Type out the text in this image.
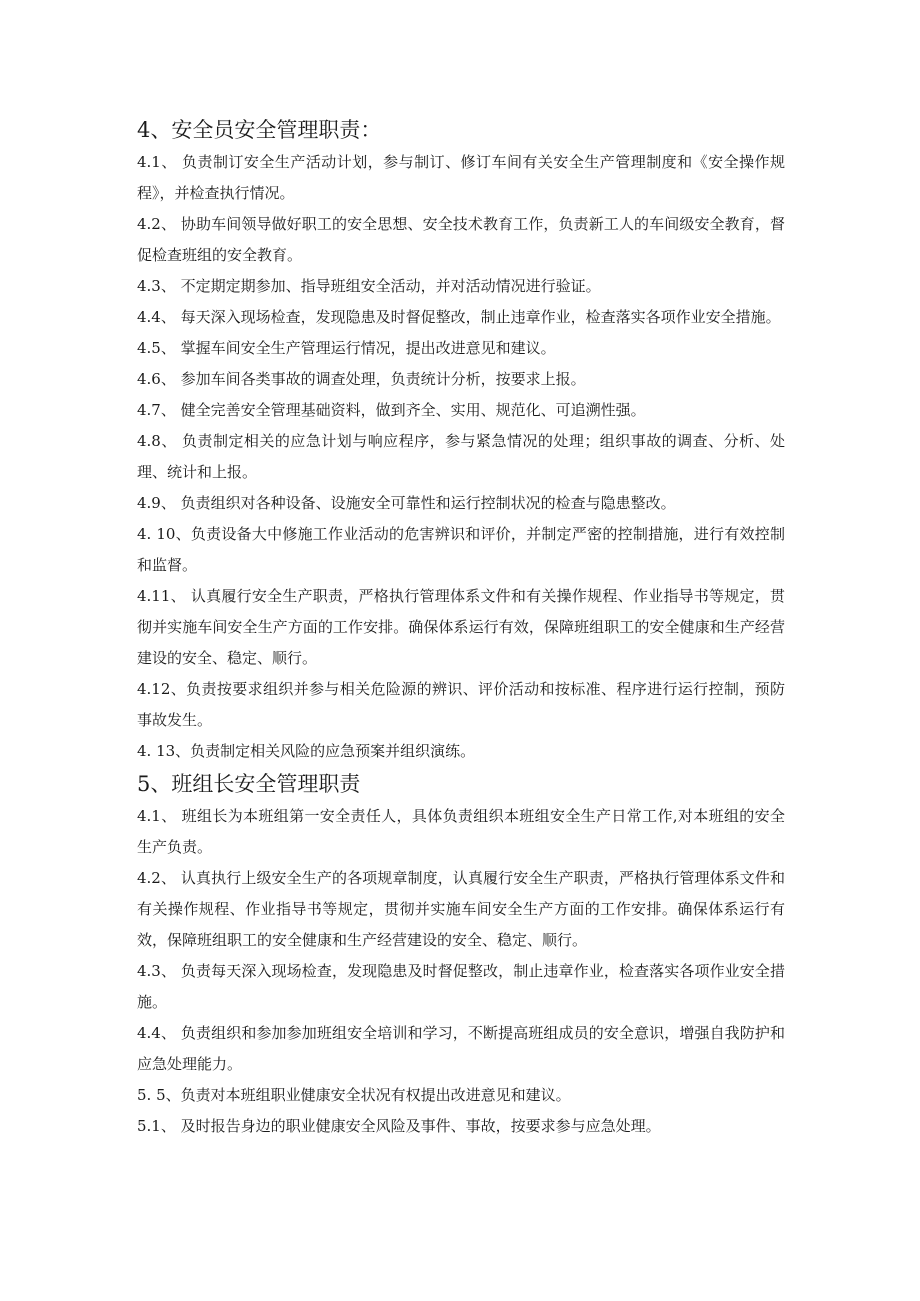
4、安全员安全管理职责：

4.1、 负责制订安全生产活动计划，参与制订、修订车间有关安全生产管理制度和《安全操作规程》，并检查执行情况。

4.2、 协助车间领导做好职工的安全思想、安全技术教育工作，负责新工人的车间级安全教育，督促检查班组的安全教育。

4.3、 不定期定期参加、指导班组安全活动，并对活动情况进行验证。

4.4、 每天深入现场检查，发现隐患及时督促整改，制止违章作业，检查落实各项作业安全措施。

4.5、 掌握车间安全生产管理运行情况，提出改进意见和建议。

4.6、 参加车间各类事故的调查处理，负责统计分析，按要求上报。

4.7、 健全完善安全管理基础资料，做到齐全、实用、规范化、可追溯性强。

4.8、 负责制定相关的应急计划与响应程序，参与紧急情况的处理；组织事故的调查、分析、处理、统计和上报。

4.9、 负责组织对各种设备、设施安全可靠性和运行控制状况的检查与隐患整改。

4. 10、负责设备大中修施工作业活动的危害辨识和评价，并制定严密的控制措施，进行有效控制和监督。

4.11、 认真履行安全生产职责，严格执行管理体系文件和有关操作规程、作业指导书等规定，贯彻并实施车间安全生产方面的工作安排。确保体系运行有效，保障班组职工的安全健康和生产经营建设的安全、稳定、顺行。

4.12、负责按要求组织并参与相关危险源的辨识、评价活动和按标准、程序进行运行控制，预防事故发生。

4. 13、负责制定相关风险的应急预案并组织演练。

5、班组长安全管理职责

4.1、 班组长为本班组第一安全责任人，具体负责组织本班组安全生产日常工作,对本班组的安全生产负责。

4.2、 认真执行上级安全生产的各项规章制度，认真履行安全生产职责，严格执行管理体系文件和有关操作规程、作业指导书等规定，贯彻并实施车间安全生产方面的工作安排。确保体系运行有效，保障班组职工的安全健康和生产经营建设的安全、稳定、顺行。

4.3、 负责每天深入现场检查，发现隐患及时督促整改，制止违章作业，检查落实各项作业安全措施。

4.4、 负责组织和参加参加班组安全培训和学习，不断提高班组成员的安全意识，增强自我防护和应急处理能力。

5. 5、负责对本班组职业健康安全状况有权提出改进意见和建议。

5.1、 及时报告身边的职业健康安全风险及事件、事故，按要求参与应急处理。
